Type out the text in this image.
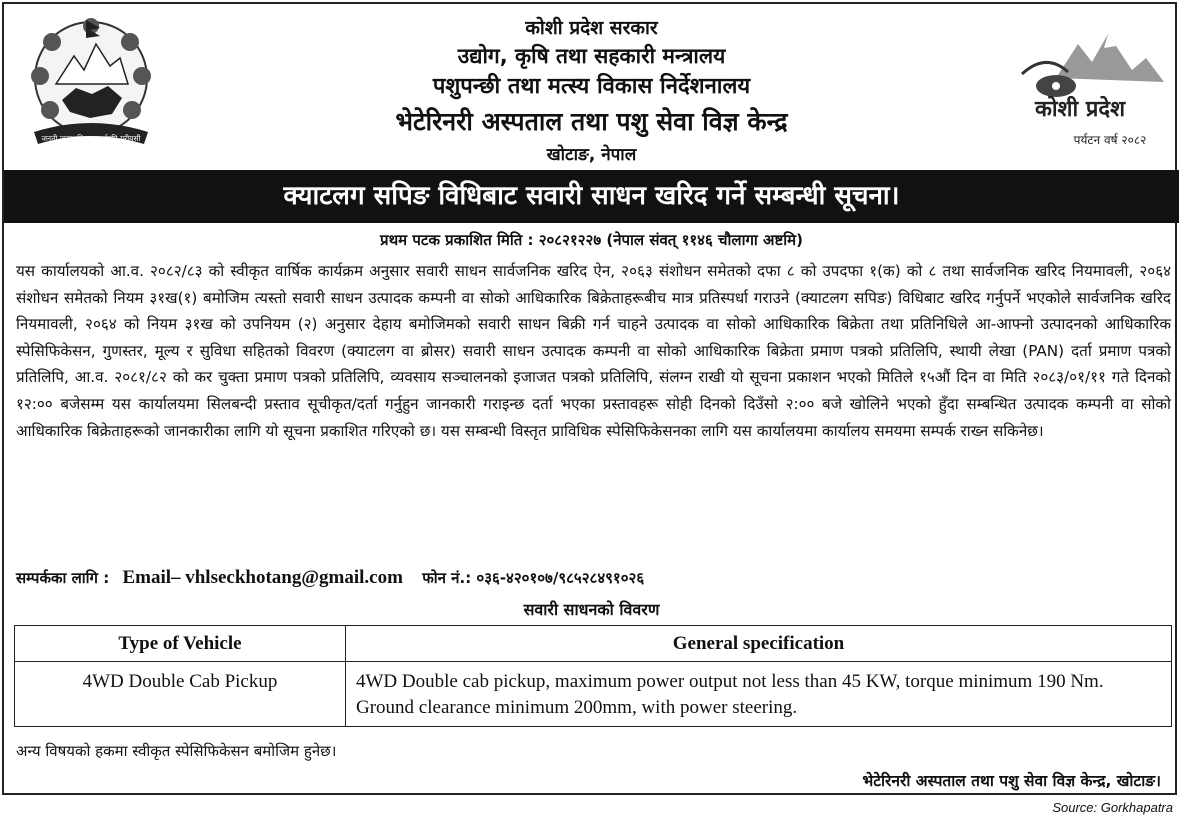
जननी जन्मभूमिश्च स्वर्गादपि गरीयसी
कोशी प्रदेश सरकार
उद्योग, कृषि तथा सहकारी मन्त्रालय
पशुपन्छी तथा मत्स्य विकास निर्देशनालय
भेटेरिनरी अस्पताल तथा पशु सेवा विज्ञ केन्द्र
खोटाङ, नेपाल
कोशी प्रदेश
पर्यटन वर्ष २०८२
क्याटलग सपिङ विधिबाट सवारी साधन खरिद गर्ने सम्बन्धी सूचना।
प्रथम पटक प्रकाशित मिति : २०८२१२२७ (नेपाल संवत् ११४६ चौलागा अष्टमि)

यस कार्यालयको आ.व. २०८२/८३ को स्वीकृत वार्षिक कार्यक्रम अनुसार सवारी साधन सार्वजनिक खरिद ऐन, २०६३ संशोधन समेतको दफा ८ को उपदफा १(क) को ८ तथा सार्वजनिक खरिद नियमावली, २०६४ संशोधन समेतको नियम ३१ख(१) बमोजिम त्यस्तो सवारी साधन उत्पादक कम्पनी वा सोको आधिकारिक बिक्रेताहरूबीच मात्र प्रतिस्पर्धा गराउने (क्याटलग सपिङ) विधिबाट खरिद गर्नुपर्ने भएकोले सार्वजनिक खरिद नियमावली, २०६४ को नियम ३१ख को उपनियम (२) अनुसार देहाय बमोजिमको सवारी साधन बिक्री गर्न चाहने उत्पादक वा सोको आधिकारिक बिक्रेता तथा प्रतिनिधिले आ-आफ्नो उत्पादनको आधिकारिक स्पेसिफिकेसन, गुणस्तर, मूल्य र सुविधा सहितको विवरण (क्याटलग वा ब्रोसर) सवारी साधन उत्पादक कम्पनी वा सोको आधिकारिक बिक्रेता प्रमाण पत्रको प्रतिलिपि, स्थायी लेखा (PAN) दर्ता प्रमाण पत्रको प्रतिलिपि, आ.व. २०८१/८२ को कर चुक्ता प्रमाण पत्रको प्रतिलिपि, व्यवसाय सञ्चालनको इजाजत पत्रको प्रतिलिपि, संलग्न राखी यो सूचना प्रकाशन भएको मितिले १५औं दिन वा मिति २०८३/०१/११ गते दिनको १२:०० बजेसम्म यस कार्यालयमा सिलबन्दी प्रस्ताव सूचीकृत/दर्ता गर्नुहुन जानकारी गराइन्छ दर्ता भएका प्रस्तावहरू सोही दिनको दिउँसो २:०० बजे खोलिने भएको हुँदा सम्बन्धित उत्पादक कम्पनी वा सोको आधिकारिक बिक्रेताहरूको जानकारीका लागि यो सूचना प्रकाशित गरिएको छ। यस सम्बन्धी विस्तृत प्राविधिक स्पेसिफिकेसनका लागि यस कार्यालयमा कार्यालय समयमा सम्पर्क राख्न सकिनेछ।

सम्पर्कका लागि : Email– vhlseckhotang@gmail.com फोन नं.: ०३६-४२०१०७/९८५२८४९१०२६
सवारी साधनको विवरण
Type of Vehicle	General specification
4WD Double Cab Pickup	4WD Double cab pickup, maximum power output not less than 45 KW, torque minimum 190 Nm. Ground clearance minimum 200mm, with power steering.
अन्य विषयको हकमा स्वीकृत स्पेसिफिकेसन बमोजिम हुनेछ।
भेटेरिनरी अस्पताल तथा पशु सेवा विज्ञ केन्द्र, खोटाङ।
Source: Gorkhapatra
